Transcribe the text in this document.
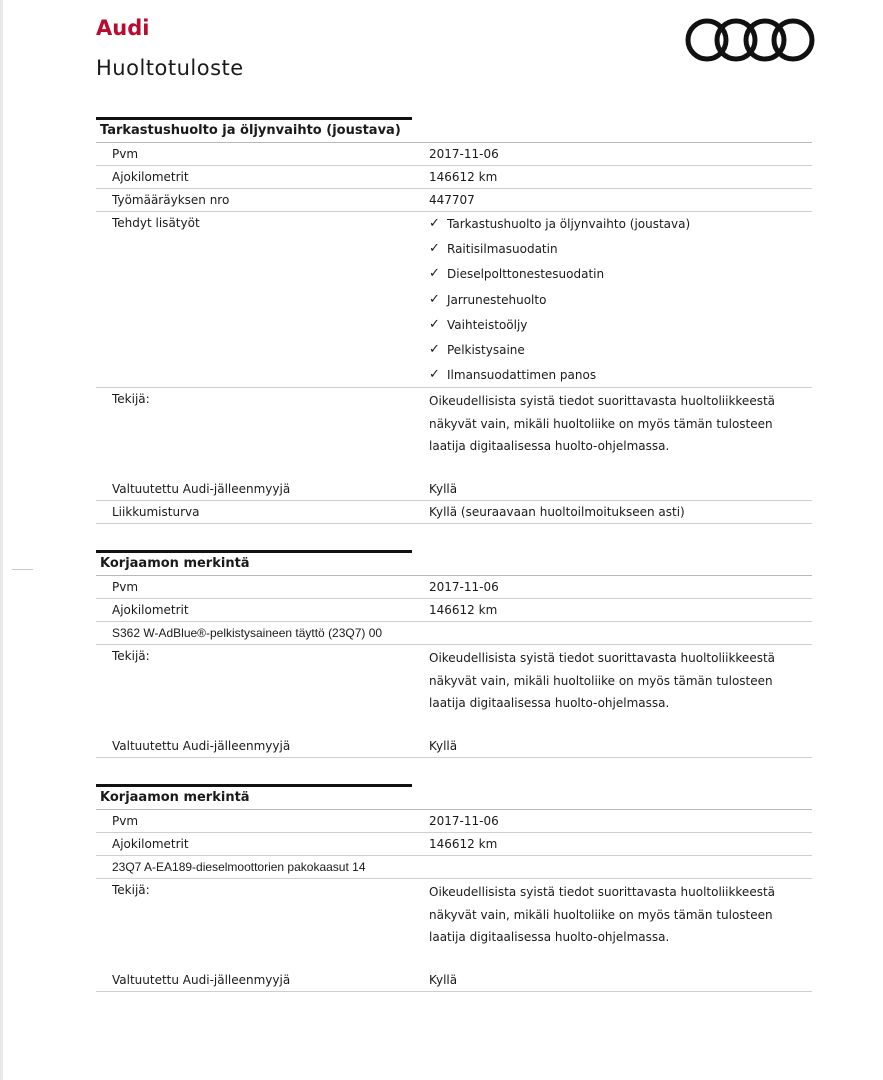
Audi
Huoltotuloste
Tarkastushuolto ja öljynvaihto (joustava)
Pvm	2017-11-06
Ajokilometrit	146612 km
Työmääräyksen nro	447707
Tehdyt lisätyöt	✓ Tarkastushuolto ja öljynvaihto (joustava)
✓ Raitisilmasuodatin
✓ Dieselpolttonestesuodatin
✓ Jarrunestehuolto
✓ Vaihteistoöljy
✓ Pelkistysaine
✓ Ilmansuodattimen panos
Tekijä:	Oikeudellisista syistä tiedot suorittavasta huoltoliikkeestä näkyvät vain, mikäli huoltoliike on myös tämän tulosteen laatija digitaalisessa huolto-ohjelmassa.
Valtuutettu Audi-jälleenmyyjä	Kyllä
Liikkumisturva	Kyllä (seuraavaan huoltoilmoitukseen asti)
Korjaamon merkintä
Pvm	2017-11-06
Ajokilometrit	146612 km
S362 W-AdBlue®-pelkistysaineen täyttö (23Q7) 00
Tekijä:	Oikeudellisista syistä tiedot suorittavasta huoltoliikkeestä näkyvät vain, mikäli huoltoliike on myös tämän tulosteen laatija digitaalisessa huolto-ohjelmassa.
Valtuutettu Audi-jälleenmyyjä	Kyllä
Korjaamon merkintä
Pvm	2017-11-06
Ajokilometrit	146612 km
23Q7 A-EA189-dieselmoottorien pakokaasut 14
Tekijä:	Oikeudellisista syistä tiedot suorittavasta huoltoliikkeestä näkyvät vain, mikäli huoltoliike on myös tämän tulosteen laatija digitaalisessa huolto-ohjelmassa.
Valtuutettu Audi-jälleenmyyjä	Kyllä
